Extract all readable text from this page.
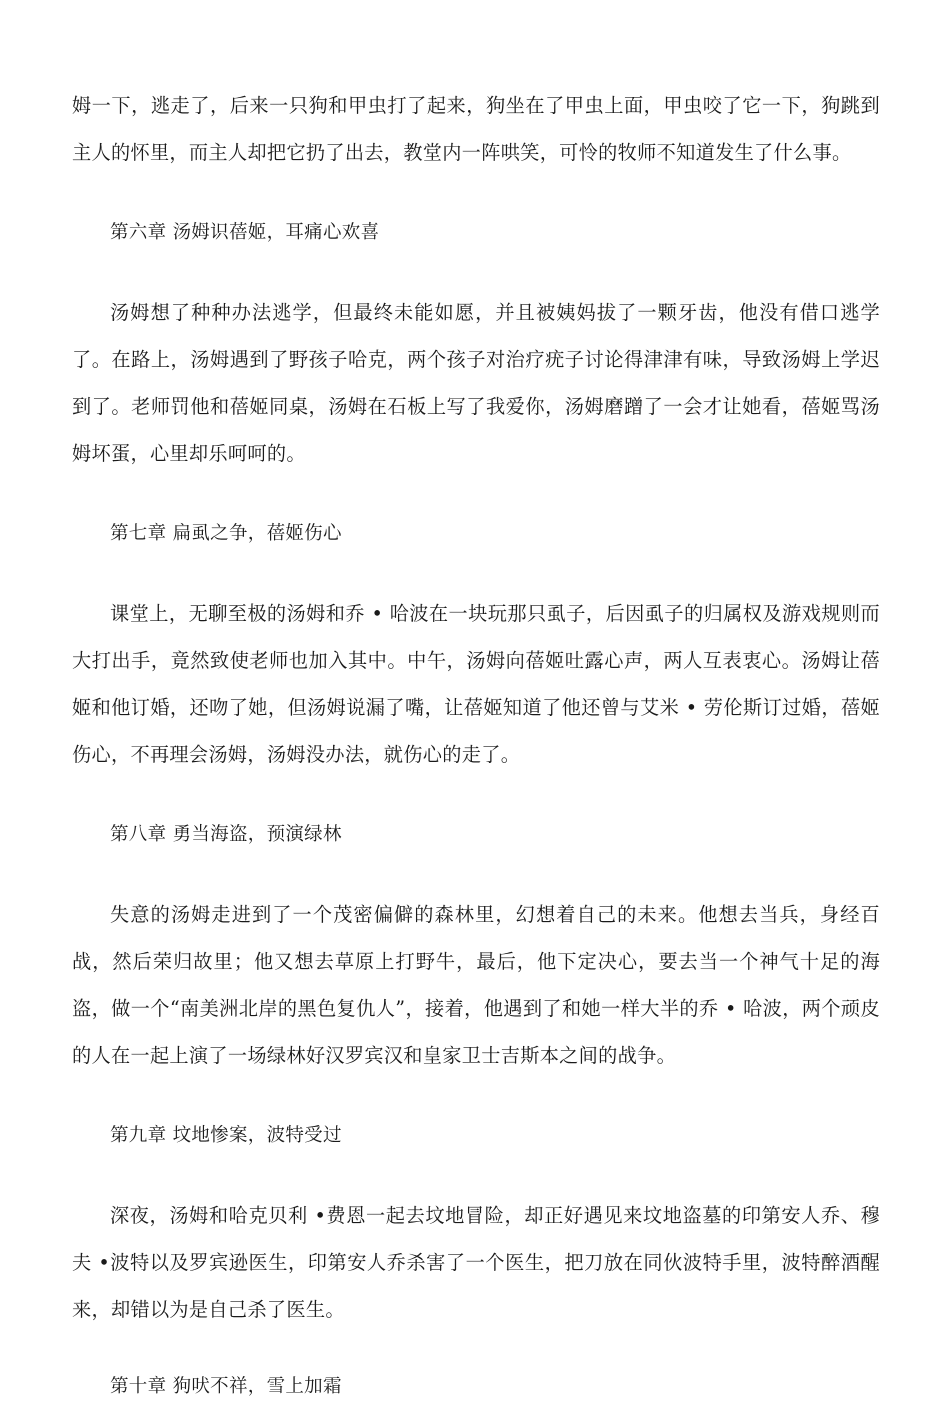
姆一下，逃走了，后来一只狗和甲虫打了起来，狗坐在了甲虫上面，甲虫咬了它一下，狗跳到主人的怀里，而主人却把它扔了出去，教堂内一阵哄笑，可怜的牧师不知道发生了什么事。

第六章 汤姆识蓓姬，耳痛心欢喜

汤姆想了种种办法逃学，但最终未能如愿，并且被姨妈拔了一颗牙齿，他没有借口逃学了。在路上，汤姆遇到了野孩子哈克，两个孩子对治疗疣子讨论得津津有味，导致汤姆上学迟到了。老师罚他和蓓姬同桌，汤姆在石板上写了我爱你，汤姆磨蹭了一会才让她看，蓓姬骂汤姆坏蛋，心里却乐呵呵的。

第七章 扁虱之争，蓓姬伤心

课堂上，无聊至极的汤姆和乔 • 哈波在一块玩那只虱子，后因虱子的归属权及游戏规则而大打出手，竟然致使老师也加入其中。中午，汤姆向蓓姬吐露心声，两人互表衷心。汤姆让蓓姬和他订婚，还吻了她，但汤姆说漏了嘴，让蓓姬知道了他还曾与艾米 • 劳伦斯订过婚，蓓姬伤心，不再理会汤姆，汤姆没办法，就伤心的走了。

第八章 勇当海盗，预演绿林

失意的汤姆走进到了一个茂密偏僻的森林里，幻想着自己的未来。他想去当兵，身经百战，然后荣归故里；他又想去草原上打野牛，最后，他下定决心，要去当一个神气十足的海盗，做一个“南美洲北岸的黑色复仇人”，接着，他遇到了和她一样大半的乔 • 哈波，两个顽皮的人在一起上演了一场绿林好汉罗宾汉和皇家卫士吉斯本之间的战争。

第九章 坟地惨案，波特受过

深夜，汤姆和哈克贝利 •费恩一起去坟地冒险，却正好遇见来坟地盗墓的印第安人乔、穆夫 •波特以及罗宾逊医生，印第安人乔杀害了一个医生，把刀放在同伙波特手里，波特醉酒醒来，却错以为是自己杀了医生。

第十章 狗吠不祥，雪上加霜
